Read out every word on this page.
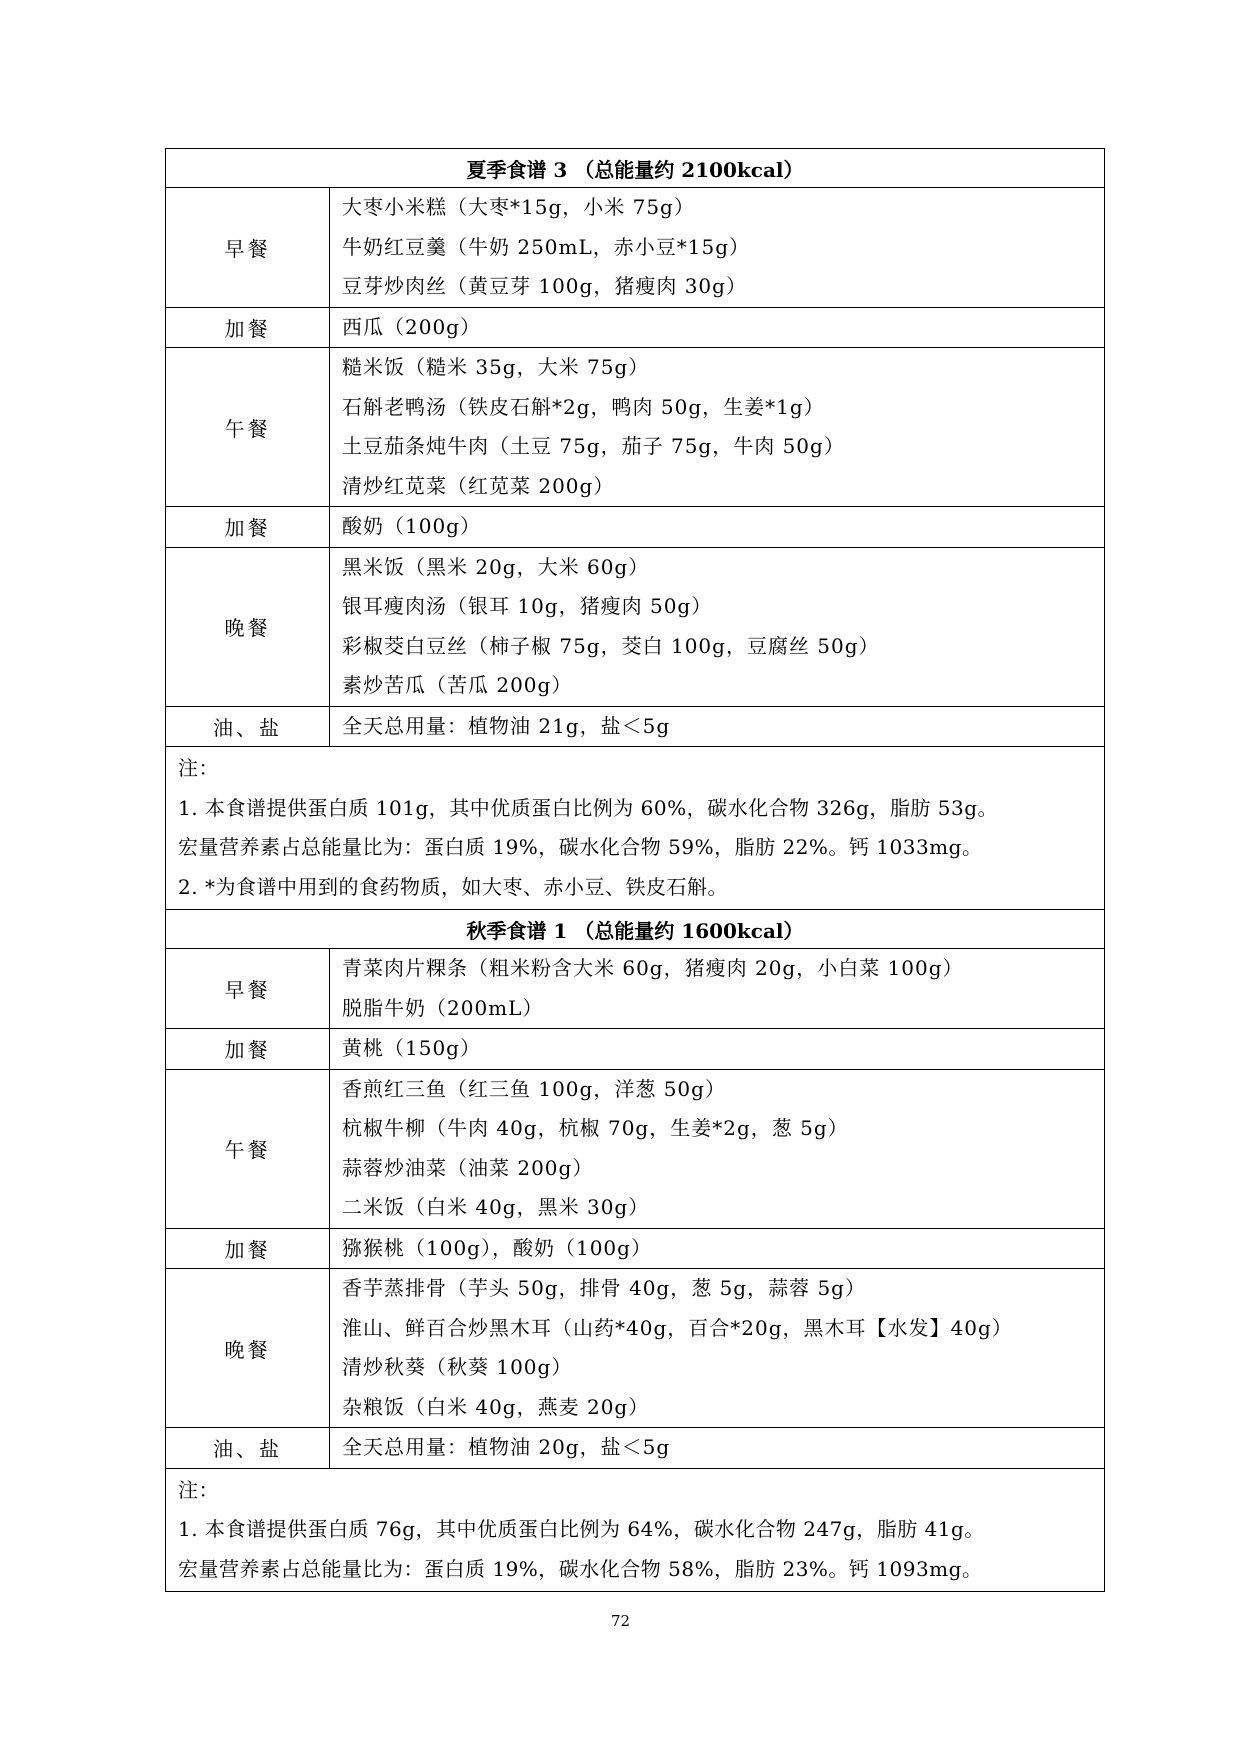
夏季食谱 3 （总能量约 2100kcal）	
早餐	大枣小米糕（大枣*15g，小米 75g）
牛奶红豆羹（牛奶 250mL，赤小豆*15g）
豆芽炒肉丝（黄豆芽 100g，猪瘦肉 30g）

加餐	西瓜（200g）

午餐	糙米饭（糙米 35g，大米 75g）
石斛老鸭汤（铁皮石斛*2g，鸭肉 50g，生姜*1g）
土豆茄条炖牛肉（土豆 75g，茄子 75g，牛肉 50g）
清炒红苋菜（红苋菜 200g）

加餐	酸奶（100g）

晚餐	黑米饭（黑米 20g，大米 60g）
银耳瘦肉汤（银耳 10g，猪瘦肉 50g）
彩椒茭白豆丝（柿子椒 75g，茭白 100g，豆腐丝 50g）
素炒苦瓜（苦瓜 200g）

油、盐	全天总用量：植物油 21g，盐＜5g

注：
1. 本食谱提供蛋白质 101g，其中优质蛋白比例为 60%，碳水化合物 326g，脂肪 53g。
宏量营养素占总能量比为：蛋白质 19%，碳水化合物 59%，脂肪 22%。钙 1033mg。
2. *为食谱中用到的食药物质，如大枣、赤小豆、铁皮石斛。	

秋季食谱 1 （总能量约 1600kcal）	
早餐	青菜肉片粿条（粗米粉含大米 60g，猪瘦肉 20g，小白菜 100g）
脱脂牛奶（200mL）

加餐	黄桃（150g）

午餐	香煎红三鱼（红三鱼 100g，洋葱 50g）
杭椒牛柳（牛肉 40g，杭椒 70g，生姜*2g，葱 5g）
蒜蓉炒油菜（油菜 200g）
二米饭（白米 40g，黑米 30g）

加餐	猕猴桃（100g），酸奶（100g）

晚餐	香芋蒸排骨（芋头 50g，排骨 40g，葱 5g，蒜蓉 5g）
淮山、鲜百合炒黑木耳（山药*40g，百合*20g，黑木耳【水发】40g）
清炒秋葵（秋葵 100g）
杂粮饭（白米 40g，燕麦 20g）

油、盐	全天总用量：植物油 20g，盐＜5g

注：
1. 本食谱提供蛋白质 76g，其中优质蛋白比例为 64%，碳水化合物 247g，脂肪 41g。
宏量营养素占总能量比为：蛋白质 19%，碳水化合物 58%，脂肪 23%。钙 1093mg。	
72
